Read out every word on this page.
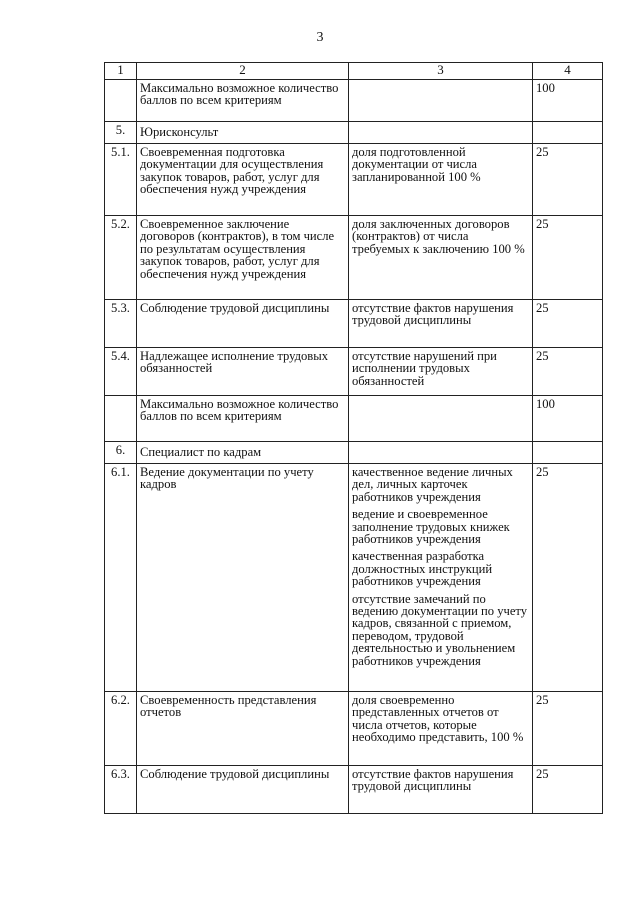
3
1	2	3	4
	Максимально возможное количество баллов по всем критериям		100
5.	Юрисконсульт		
5.1.	Своевременная подготовка документации для осуществления закупок товаров, работ, услуг для обеспечения нужд учреждения	доля подготовленной документации от числа запланированной 100 %	25
5.2.	Своевременное заключение договоров (контрактов), в том числе по результатам осуществления закупок товаров, работ, услуг для обеспечения нужд учреждения	доля заключенных договоров (контрактов) от числа требуемых к заключению 100 %	25
5.3.	Соблюдение трудовой дисциплины	отсутствие фактов нарушения трудовой дисциплины	25
5.4.	Надлежащее исполнение трудовых обязанностей	отсутствие нарушений при исполнении трудовых обязанностей	25
	Максимально возможное количество баллов по всем критериям		100
6.	Специалист по кадрам		
6.1.	Ведение документации по учету кадров	качественное ведение личных дел, личных карточек работников учреждения
ведение и своевременное заполнение трудовых книжек работников учреждения
качественная разработка должностных инструкций работников учреждения
отсутствие замечаний по ведению документации по учету кадров, связанной с приемом, переводом, трудовой деятельностью и увольнением работников учреждения	25
6.2.	Своевременность представления отчетов	доля своевременно представленных отчетов от числа отчетов, которые необходимо представить, 100 %	25
6.3.	Соблюдение трудовой дисциплины	отсутствие фактов нарушения трудовой дисциплины	25
